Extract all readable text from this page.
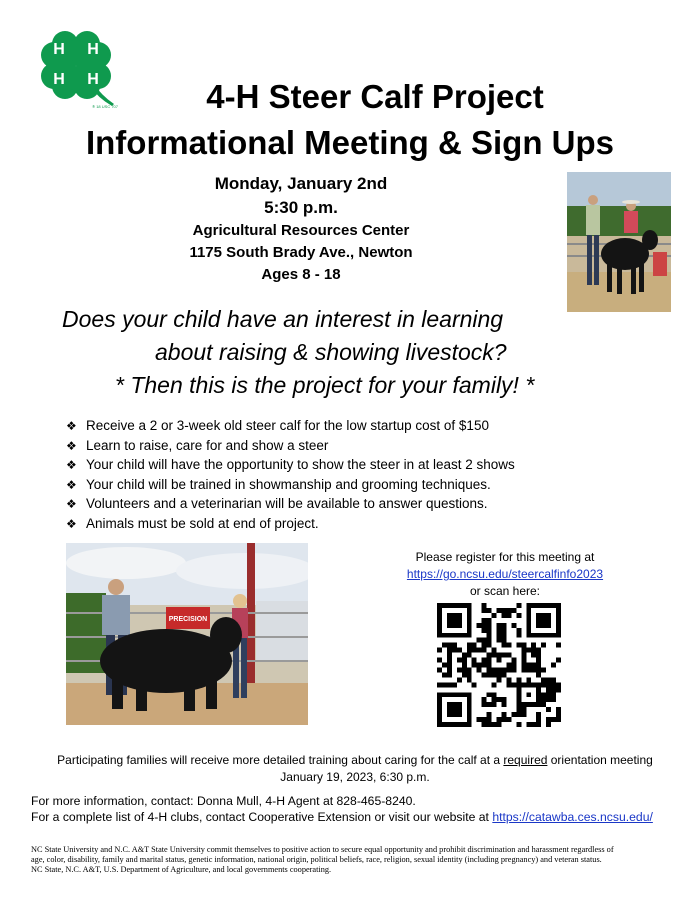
H H
H H
® 18 USC 707	4-H Steer Calf Project
Informational Meeting & Sign Ups
Monday, January 2nd
5:30 p.m.
Agricultural Resources Center
1175 South Brady Ave., Newton
Ages 8 - 18
Does your child have an interest in learning
about raising & showing livestock?
* Then this is the project for your family! *
❖ Receive a 2 or 3-week old steer calf for the low startup cost of $150
❖ Learn to raise, care for and show a steer
❖ Your child will have the opportunity to show the steer in at least 2 shows
❖ Your child will be trained in showmanship and grooming techniques.
❖ Volunteers and a veterinarian will be available to answer questions.
❖ Animals must be sold at end of project.
PRECISION
Please register for this meeting at
https://go.ncsu.edu/steercalfinfo2023
or scan here:
Participating families will receive more detailed training about caring for the calf at a required orientation meeting
January 19, 2023, 6:30 p.m.
For more information, contact: Donna Mull, 4-H Agent at 828-465-8240.
For a complete list of 4-H clubs, contact Cooperative Extension or visit our website at https://catawba.ces.ncsu.edu/
NC State University and N.C. A&T State University commit themselves to positive action to secure equal opportunity and prohibit discrimination and harassment regardless of
age, color, disability, family and marital status, genetic information, national origin, political beliefs, race, religion, sexual identity (including pregnancy) and veteran status.
NC State, N.C. A&T, U.S. Department of Agriculture, and local governments cooperating.
